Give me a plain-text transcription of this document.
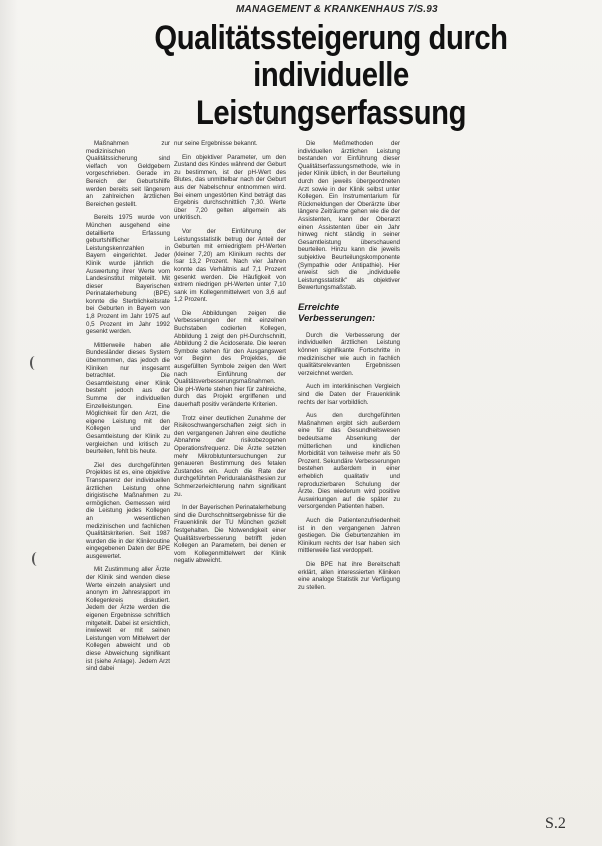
MANAGEMENT & KRANKENHAUS 7/S.93
Qualitätssteigerung durch
individuelle Leistungserfassung

Maßnahmen zur medizinischen Qualitätssicherung sind vielfach von Geldgebern vorgeschrieben. Gerade im Bereich der Geburtshilfe werden bereits seit längerem an zahlreichen ärztlichen Bereichen gestellt.

Bereits 1975 wurde von München ausgehend eine detaillierte Erfassung geburtshilflicher Leistungskennzahlen in Bayern eingerichtet. Jeder Klinik wurde jährlich die Auswertung ihrer Werte vom Landesinstitut mitgeteilt. Mit dieser Bayerischen Perinatalerhebung (BPE) konnte die Sterblichkeitsrate bei Geburten in Bayern von 1,8 Prozent im Jahr 1975 auf 0,5 Prozent im Jahr 1992 gesenkt werden.

Mittlerweile haben alle Bundesländer dieses System übernommen, das jedoch die Kliniken nur insgesamt betrachtet. Die Gesamtleistung einer Klinik besteht jedoch aus der Summe der individuellen Einzelleistungen. Eine Möglichkeit für den Arzt, die eigene Leistung mit den Kollegen und der Gesamtleistung der Klinik zu vergleichen und kritisch zu beurteilen, fehlt bis heute.

Ziel des durchgeführten Projektes ist es, eine objektive Transparenz der individuellen ärztlichen Leistung ohne dirigistische Maßnahmen zu ermöglichen. Gemessen wird die Leistung jedes Kollegen an wesentlichen medizinischen und fachlichen Qualitätskriterien. Seit 1987 wurden die in der Klinikroutine eingegebenen Daten der BPE ausgewertet.

Mit Zustimmung aller Ärzte der Klinik sind wenden diese Werte einzeln analysiert und anonym im Jahresrapport im Kollegenkreis diskutiert. Jedem der Ärzte werden die eigenen Ergebnisse schriftlich mitgeteilt. Dabei ist ersichtlich, inwieweit er mit seinen Leistungen vom Mittelwert der Kollegen abweicht und ob diese Abweichung signifikant ist (siehe Anlage). Jedem Arzt sind dabei

nur seine Ergebnisse bekannt.

Ein objektiver Parameter, um den Zustand des Kindes während der Geburt zu bestimmen, ist der pH-Wert des Blutes, das unmittelbar nach der Geburt aus der Nabelschnur entnommen wird. Bei einem ungestörten Kind beträgt das Ergebnis durchschnittlich 7,30. Werte über 7,20 gelten allgemein als unkritisch.

Vor der Einführung der Leistungsstatistik betrug der Anteil der Geburten mit erniedrigtem pH-Werten (kleiner 7,20) am Klinikum rechts der Isar 13,2 Prozent. Nach vier Jahren konnte das Verhältnis auf 7,1 Prozent gesenkt werden. Die Häufigkeit von extrem niedrigen pH-Werten unter 7,10 sank im Kollegenmittelwert von 3,6 auf 1,2 Prozent.

Die Abbildungen zeigen die Verbesserungen der mit einzelnen Buchstaben codierten Kollegen, Abbildung 1 zeigt den pH-Durchschnitt, Abbildung 2 die Acidoserate. Die leeren Symbole stehen für den Ausgangswert vor Beginn des Projektes, die ausgefüllten Symbole zeigen den Wert nach Einführung der Qualitätsverbesserungsmaßnahmen. Die pH-Werte stehen hier für zahlreiche, durch das Projekt ergriffenen und dauerhaft positiv veränderte Kriterien.

Trotz einer deutlichen Zunahme der Risikoschwangerschaften zeigt sich in den vergangenen Jahren eine deutliche Abnahme der risikobezogenen Operationsfrequenz. Die Ärzte setzten mehr Mikroblutuntersuchungen zur genaueren Bestimmung des fetalen Zustandes ein. Auch die Rate der durchgeführten Periduralanästhesien zur Schmerzerleichterung nahm signifikant zu.

In der Bayerischen Perinatalerhebung sind die Durchschnittsergebnisse für die Frauenklinik der TU München gezielt festgehalten. Die Notwendigkeit einer Qualitätsverbesserung betrifft jeden Kollegen an Parametern, bei denen er vom Kollegenmittelwert der Klinik negativ abweicht.

Die Meßmethoden der individuellen ärztlichen Leistung bestanden vor Einführung dieser Qualitätserfassungsmethode, wie in jeder Klinik üblich, in der Beurteilung durch den jeweils übergeordneten Arzt sowie in der Klinik selbst unter Kollegen. Ein Instrumentarium für Rückmeldungen der Oberärzte über längere Zeiträume gehen wie die der Assistenten, kann der Oberarzt einen Assistenten über ein Jahr hinweg nicht ständig in seiner Gesamtleistung überschauend beurteilen. Hinzu kann die jeweils subjektive Beurteilungskomponente (Sympathie oder Antipathie). Hier erweist sich die „individuelle Leistungsstatistik" als objektiver Bewertungsmaßstab.

Erreichte Verbesserungen:

Durch die Verbesserung der individuellen ärztlichen Leistung können signifikante Fortschritte in medizinischer wie auch in fachlich qualitätsrelevanten Ergebnissen verzeichnet werden.

Auch im interklinischen Vergleich sind die Daten der Frauenklinik rechts der Isar vorbildlich.

Aus den durchgeführten Maßnahmen ergibt sich außerdem eine für das Gesundheitswesen bedeutsame Absenkung der mütterlichen und kindlichen Morbidität von teilweise mehr als 50 Prozent. Sekundäre Verbesserungen bestehen außerdem in einer erheblich qualitativ und reproduzierbaren Schulung der Ärzte. Dies wiederum wird positive Auswirkungen auf die später zu versorgenden Patienten haben.

Auch die Patientenzufriedenheit ist in den vergangenen Jahren gestiegen. Die Geburtenzahlen im Klinikum rechts der Isar haben sich mittlerweile fast verdoppelt.

Die BPE hat ihre Bereitschaft erklärt, allen interessierten Kliniken eine analoge Statistik zur Verfügung zu stellen.

S.2
